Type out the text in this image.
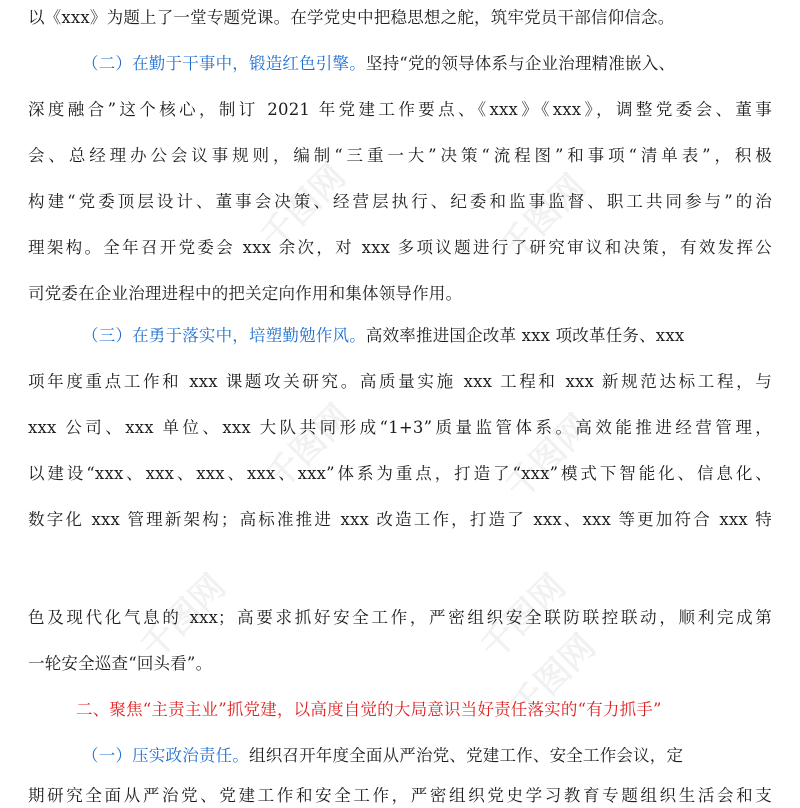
千图网	千图网
千图网	千图网
千图网	千图网
千图网
以《xxx》为题上了一堂专题党课。在学党史中把稳思想之舵，筑牢党员干部信仰信念。
（二）在勤于干事中，锻造红色引擎。坚持“党的领导体系与企业治理精准嵌入、
深度融合”这个核心，制订 2021 年党建工作要点、《xxx》《xxx》，调整党委会、董事
会、总经理办公会议事规则，编制“三重一大”决策“流程图”和事项“清单表”，积极
构建“党委顶层设计、董事会决策、经营层执行、纪委和监事监督、职工共同参与”的治
理架构。全年召开党委会 xxx 余次，对 xxx 多项议题进行了研究审议和决策，有效发挥公
司党委在企业治理进程中的把关定向作用和集体领导作用。
（三）在勇于落实中，培塑勤勉作风。高效率推进国企改革 xxx 项改革任务、xxx
项年度重点工作和 xxx 课题攻关研究。高质量实施 xxx 工程和 xxx 新规范达标工程，与
xxx 公司、xxx 单位、xxx 大队共同形成“1+3”质量监管体系。高效能推进经营管理，
以建设“xxx、xxx、xxx、xxx、xxx”体系为重点，打造了“xxx”模式下智能化、信息化、
数字化 xxx 管理新架构；高标准推进 xxx 改造工作，打造了 xxx、xxx 等更加符合 xxx 特
色及现代化气息的 xxx；高要求抓好安全工作，严密组织安全联防联控联动，顺利完成第
一轮安全巡查“回头看”。
二、聚焦“主责主业”抓党建，以高度自觉的大局意识当好责任落实的“有力抓手”
（一）压实政治责任。组织召开年度全面从严治党、党建工作、安全工作会议，定
期研究全面从严治党、党建工作和安全工作，严密组织党史学习教育专题组织生活会和支
